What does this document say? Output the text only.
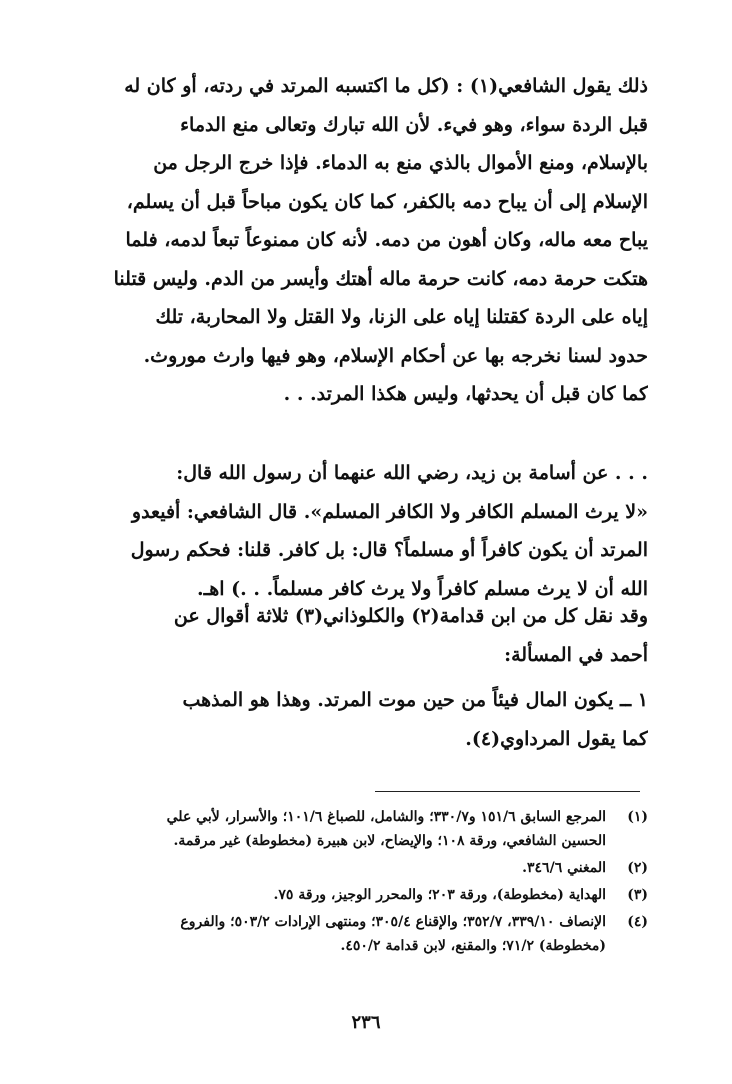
ذلك يقول الشافعي(١) : (كل ما اكتسبه المرتد في ردته، أو كان له
قبل الردة سواء، وهو فيء. لأن الله تبارك وتعالى منع الدماء
بالإسلام، ومنع الأموال بالذي منع به الدماء. فإذا خرج الرجل من
الإسلام إلى أن يباح دمه بالكفر، كما كان يكون مباحاً قبل أن يسلم،
يباح معه ماله، وكان أهون من دمه. لأنه كان ممنوعاً تبعاً لدمه، فلما
هتكت حرمة دمه، كانت حرمة ماله أهتك وأيسر من الدم. وليس قتلنا
إياه على الردة كقتلنا إياه على الزنا، ولا القتل ولا المحاربة، تلك
حدود لسنا نخرجه بها عن أحكام الإسلام، وهو فيها وارث موروث.
كما كان قبل أن يحدثها، وليس هكذا المرتد. . .
. . . عن أسامة بن زيد، رضي الله عنهما أن رسول الله قال:
«لا يرث المسلم الكافر ولا الكافر المسلم». قال الشافعي: أفيعدو
المرتد أن يكون كافراً أو مسلماً؟ قال: بل كافر. قلنا: فحكم رسول
الله أن لا يرث مسلم كافراً ولا يرث كافر مسلماً. . .) اهـ.
وقد نقل كل من ابن قدامة(٢) والكلوذاني(٣) ثلاثة أقوال عن
أحمد في المسألة:
١ ــ يكون المال فيئاً من حين موت المرتد. وهذا هو المذهب
كما يقول المرداوي(٤).
(١)
المرجع السابق ١٥١/٦ و٣٣٠/٧؛ والشامل، للصباغ ١٠١/٦؛ والأسرار، لأبي علي
الحسين الشافعي، ورقة ١٠٨؛ والإيضاح، لابن هبيرة (مخطوطة) غير مرقمة.
(٢)
المغني ٣٤٦/٦.
(٣)
الهداية (مخطوطة)، ورقة ٢٠٣؛ والمحرر الوجيز، ورقة ٧٥.
(٤)
الإنصاف ٣٣٩/١٠، ٣٥٢/٧؛ والإقناع ٣٠٥/٤؛ ومنتهى الإرادات ٥٠٣/٢؛ والفروع
(مخطوطة) ٧١/٢؛ والمقنع، لابن قدامة ٤٥٠/٢.
٢٣٦
